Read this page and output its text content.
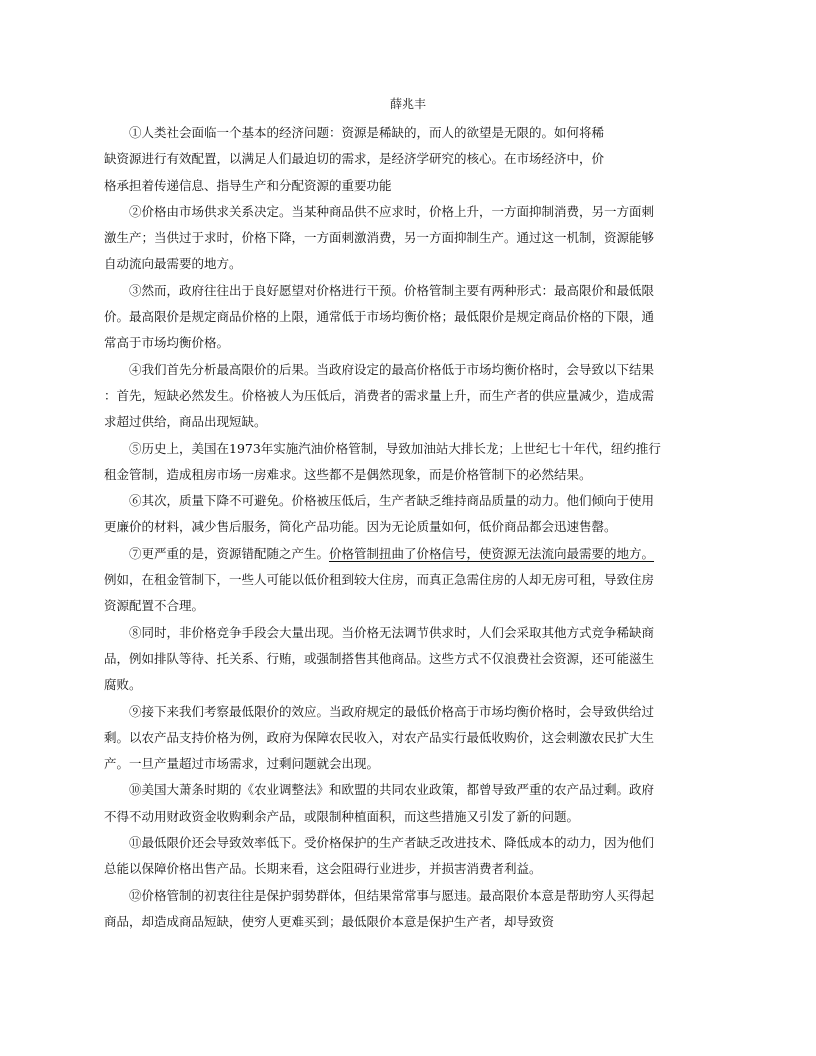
薛兆丰

①人类社会面临一个基本的经济问题：资源是稀缺的，而人的欲望是无限的。如何将稀
缺资源进行有效配置，以满足人们最迫切的需求，是经济学研究的核心。在市场经济中，价
格承担着传递信息、指导生产和分配资源的重要功能

②价格由市场供求关系决定。当某种商品供不应求时，价格上升，一方面抑制消费，另一方面刺
激生产；当供过于求时，价格下降，一方面刺激消费，另一方面抑制生产。通过这一机制，资源能够
自动流向最需要的地方。

③然而，政府往往出于良好愿望对价格进行干预。价格管制主要有两种形式：最高限价和最低限
价。最高限价是规定商品价格的上限，通常低于市场均衡价格；最低限价是规定商品价格的下限，通
常高于市场均衡价格。

④我们首先分析最高限价的后果。当政府设定的最高价格低于市场均衡价格时，会导致以下结果
：首先，短缺必然发生。价格被人为压低后，消费者的需求量上升，而生产者的供应量减少，造成需
求超过供给，商品出现短缺。

⑤历史上，美国在1973年实施汽油价格管制，导致加油站大排长龙；上世纪七十年代，纽约推行
租金管制，造成租房市场一房难求。这些都不是偶然现象，而是价格管制下的必然结果。

⑥其次，质量下降不可避免。价格被压低后，生产者缺乏维持商品质量的动力。他们倾向于使用
更廉价的材料，减少售后服务，简化产品功能。因为无论质量如何，低价商品都会迅速售罄。

⑦更严重的是，资源错配随之产生。价格管制扭曲了价格信号，使资源无法流向最需要的地方。
例如，在租金管制下，一些人可能以低价租到较大住房，而真正急需住房的人却无房可租，导致住房
资源配置不合理。

⑧同时，非价格竞争手段会大量出现。当价格无法调节供求时，人们会采取其他方式竞争稀缺商
品，例如排队等待、托关系、行贿，或强制搭售其他商品。这些方式不仅浪费社会资源，还可能滋生
腐败。

⑨接下来我们考察最低限价的效应。当政府规定的最低价格高于市场均衡价格时，会导致供给过
剩。以农产品支持价格为例，政府为保障农民收入，对农产品实行最低收购价，这会刺激农民扩大生
产。一旦产量超过市场需求，过剩问题就会出现。

⑩美国大萧条时期的《农业调整法》和欧盟的共同农业政策，都曾导致严重的农产品过剩。政府
不得不动用财政资金收购剩余产品，或限制种植面积，而这些措施又引发了新的问题。

⑪最低限价还会导致效率低下。受价格保护的生产者缺乏改进技术、降低成本的动力，因为他们
总能以保障价格出售产品。长期来看，这会阻碍行业进步，并损害消费者利益。

⑫价格管制的初衷往往是保护弱势群体，但结果常常事与愿违。最高限价本意是帮助穷人买得起
商品，却造成商品短缺，使穷人更难买到；最低限价本意是保护生产者，却导致资
